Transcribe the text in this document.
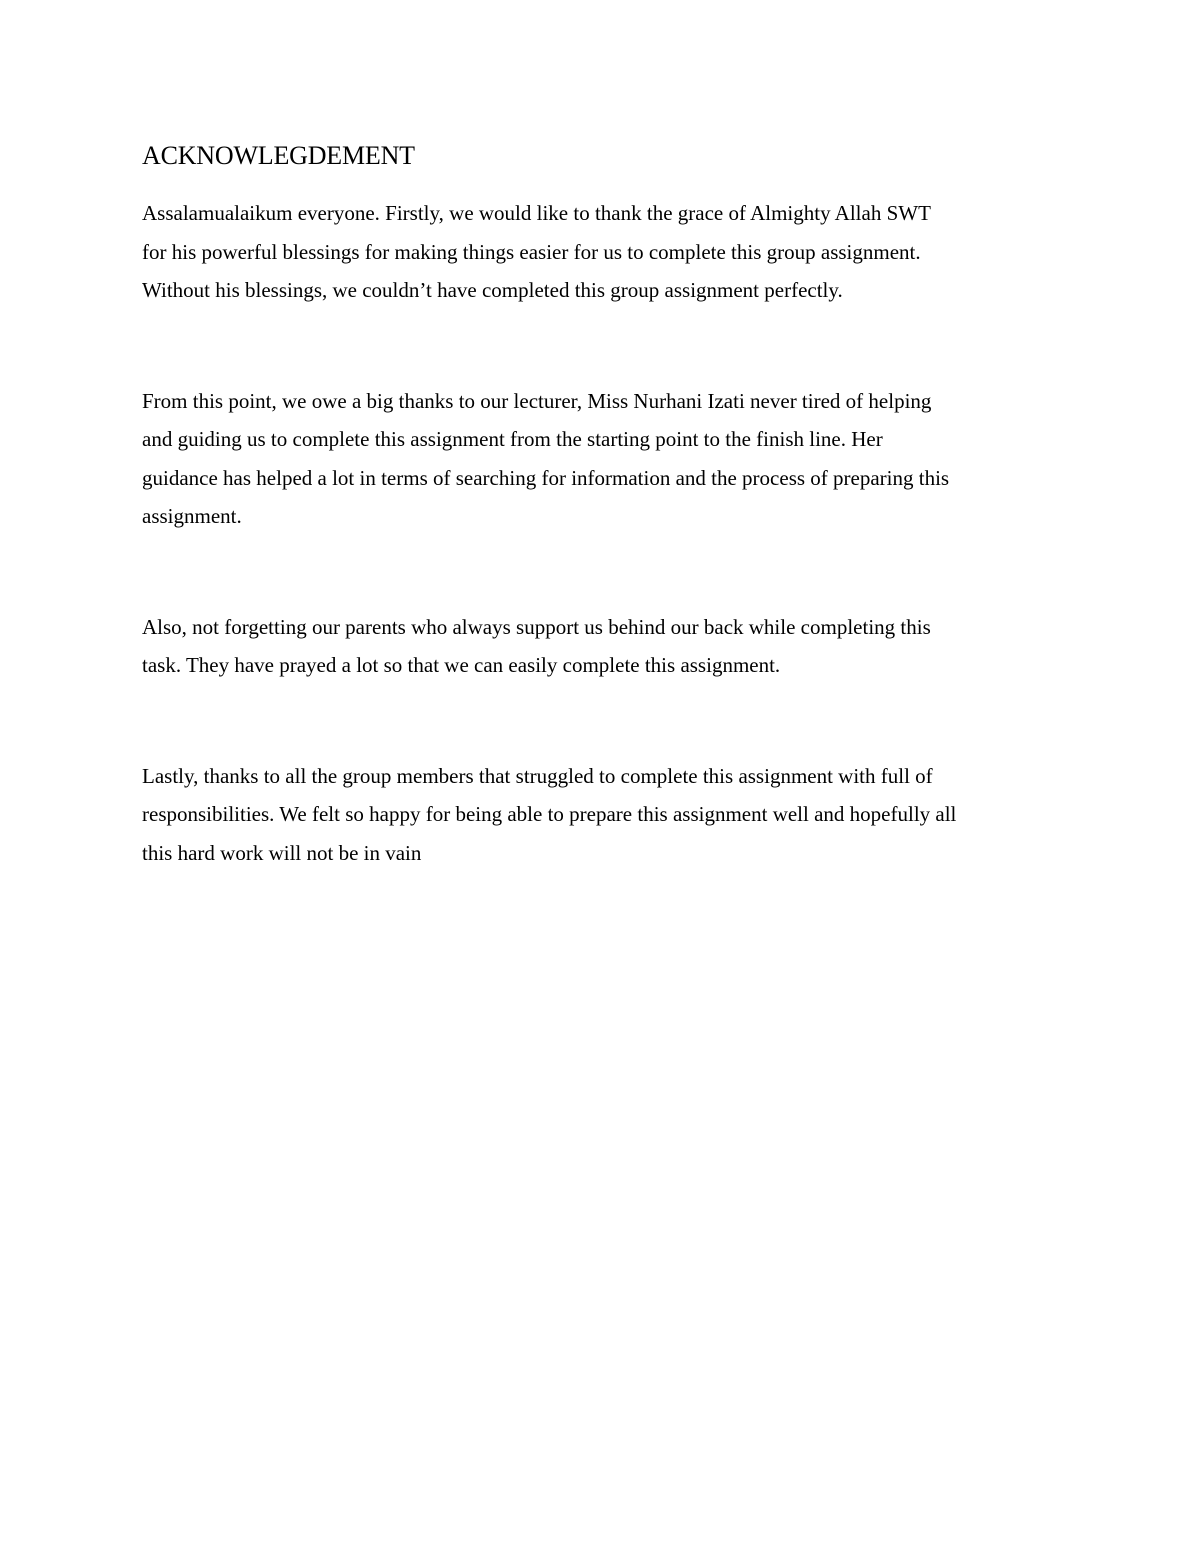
ACKNOWLEGDEMENT

Assalamualaikum everyone. Firstly, we would like to thank the grace of Almighty Allah SWT
for his powerful blessings for making things easier for us to complete this group assignment.
Without his blessings, we couldn’t have completed this group assignment perfectly.

From this point, we owe a big thanks to our lecturer, Miss Nurhani Izati never tired of helping
and guiding us to complete this assignment from the starting point to the finish line. Her
guidance has helped a lot in terms of searching for information and the process of preparing this
assignment.

Also, not forgetting our parents who always support us behind our back while completing this
task. They have prayed a lot so that we can easily complete this assignment.

Lastly, thanks to all the group members that struggled to complete this assignment with full of
responsibilities. We felt so happy for being able to prepare this assignment well and hopefully all
this hard work will not be in vain
